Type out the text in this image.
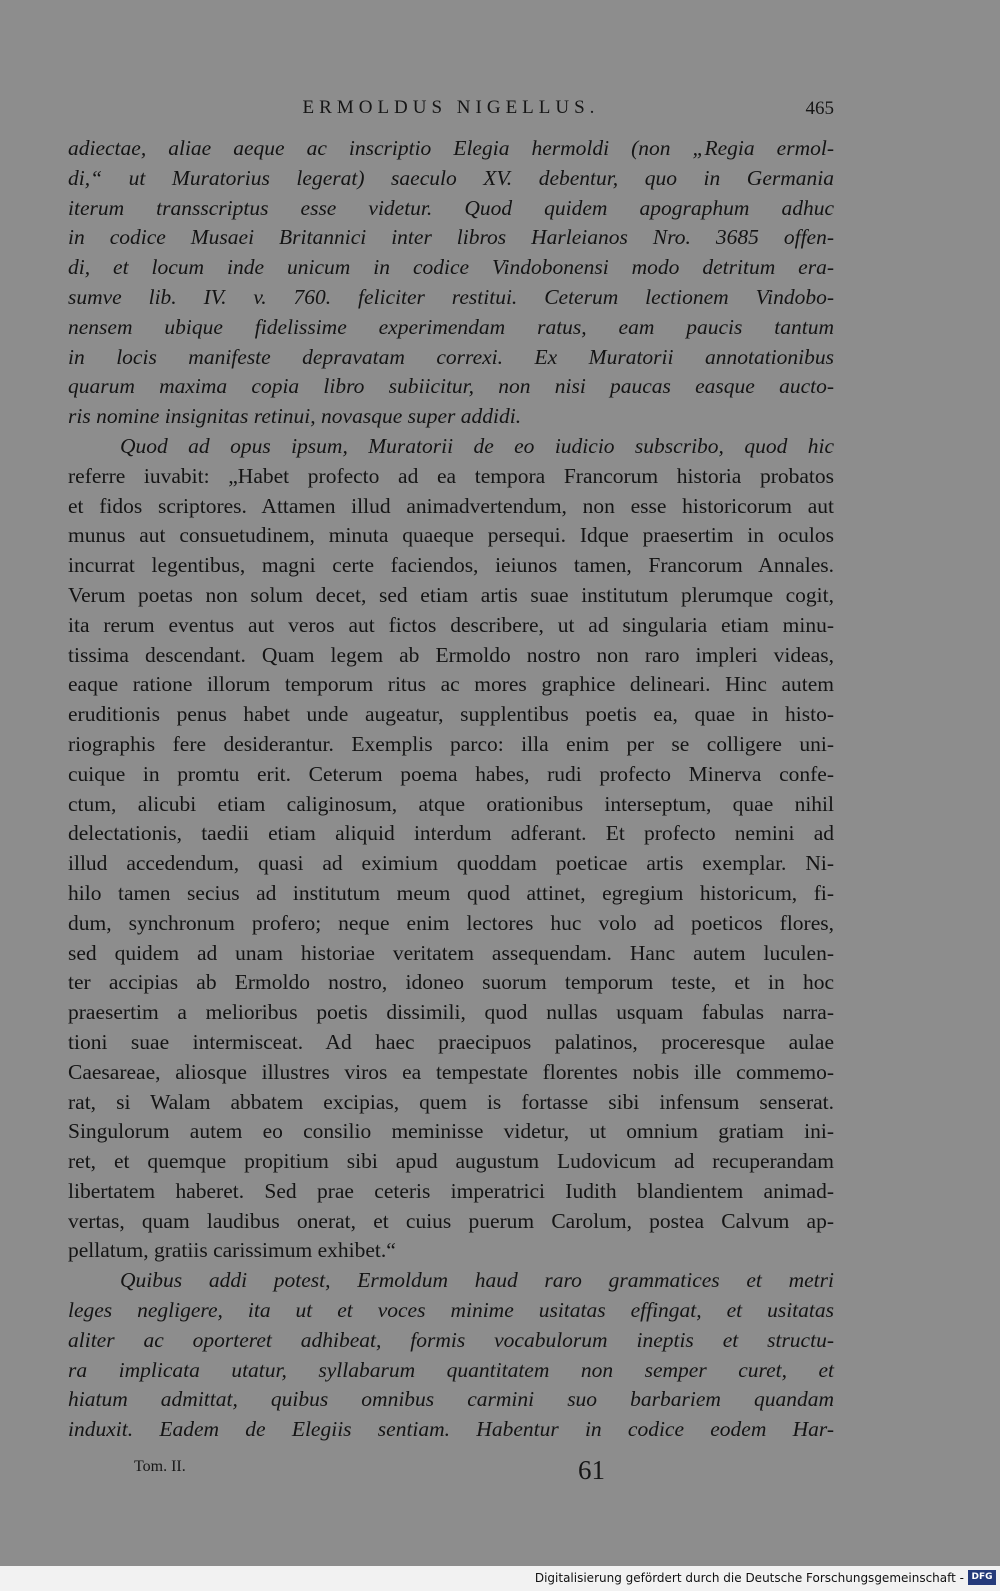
ERMOLDUS NIGELLUS.	465
adiectae, aliae aeque ac inscriptio Elegia hermoldi (non „Regia ermol-
di,“ ut Muratorius legerat) saeculo XV. debentur, quo in Germania
iterum transscriptus esse videtur. Quod quidem apographum adhuc
in codice Musaei Britannici inter libros Harleianos Nro. 3685 offen-
di, et locum inde unicum in codice Vindobonensi modo detritum era-
sumve lib. IV. v. 760. feliciter restitui. Ceterum lectionem Vindobo-
nensem ubique fidelissime experimendam ratus, eam paucis tantum
in locis manifeste depravatam correxi. Ex Muratorii annotationibus
quarum maxima copia libro subiicitur, non nisi paucas easque aucto-
ris nomine insignitas retinui, novasque super addidi.
Quod ad opus ipsum, Muratorii de eo iudicio subscribo, quod hic
referre iuvabit: „Habet profecto ad ea tempora Francorum historia probatos
et fidos scriptores. Attamen illud animadvertendum, non esse historicorum aut
munus aut consuetudinem, minuta quaeque persequi. Idque praesertim in oculos
incurrat legentibus, magni certe faciendos, ieiunos tamen, Francorum Annales.
Verum poetas non solum decet, sed etiam artis suae institutum plerumque cogit,
ita rerum eventus aut veros aut fictos describere, ut ad singularia etiam minu-
tissima descendant. Quam legem ab Ermoldo nostro non raro impleri videas,
eaque ratione illorum temporum ritus ac mores graphice delineari. Hinc autem
eruditionis penus habet unde augeatur, supplentibus poetis ea, quae in histo-
riographis fere desiderantur. Exemplis parco: illa enim per se colligere uni-
cuique in promtu erit. Ceterum poema habes, rudi profecto Minerva confe-
ctum, alicubi etiam caliginosum, atque orationibus interseptum, quae nihil
delectationis, taedii etiam aliquid interdum adferant. Et profecto nemini ad
illud accedendum, quasi ad eximium quoddam poeticae artis exemplar. Ni-
hilo tamen secius ad institutum meum quod attinet, egregium historicum, fi-
dum, synchronum profero; neque enim lectores huc volo ad poeticos flores,
sed quidem ad unam historiae veritatem assequendam. Hanc autem luculen-
ter accipias ab Ermoldo nostro, idoneo suorum temporum teste, et in hoc
praesertim a melioribus poetis dissimili, quod nullas usquam fabulas narra-
tioni suae intermisceat. Ad haec praecipuos palatinos, proceresque aulae
Caesareae, aliosque illustres viros ea tempestate florentes nobis ille commemo-
rat, si Walam abbatem excipias, quem is fortasse sibi infensum senserat.
Singulorum autem eo consilio meminisse videtur, ut omnium gratiam ini-
ret, et quemque propitium sibi apud augustum Ludovicum ad recuperandam
libertatem haberet. Sed prae ceteris imperatrici Iudith blandientem animad-
vertas, quam laudibus onerat, et cuius puerum Carolum, postea Calvum ap-
pellatum, gratiis carissimum exhibet.“
Quibus addi potest, Ermoldum haud raro grammatices et metri
leges negligere, ita ut et voces minime usitatas effingat, et usitatas
aliter ac oporteret adhibeat, formis vocabulorum ineptis et structu-
ra implicata utatur, syllabarum quantitatem non semper curet, et
hiatum admittat, quibus omnibus carmini suo barbariem quandam
induxit. Eadem de Elegiis sentiam. Habentur in codice eodem Har-
Tom. II.	61
Digitalisierung gefördert durch die Deutsche Forschungsgemeinschaft - DFG
